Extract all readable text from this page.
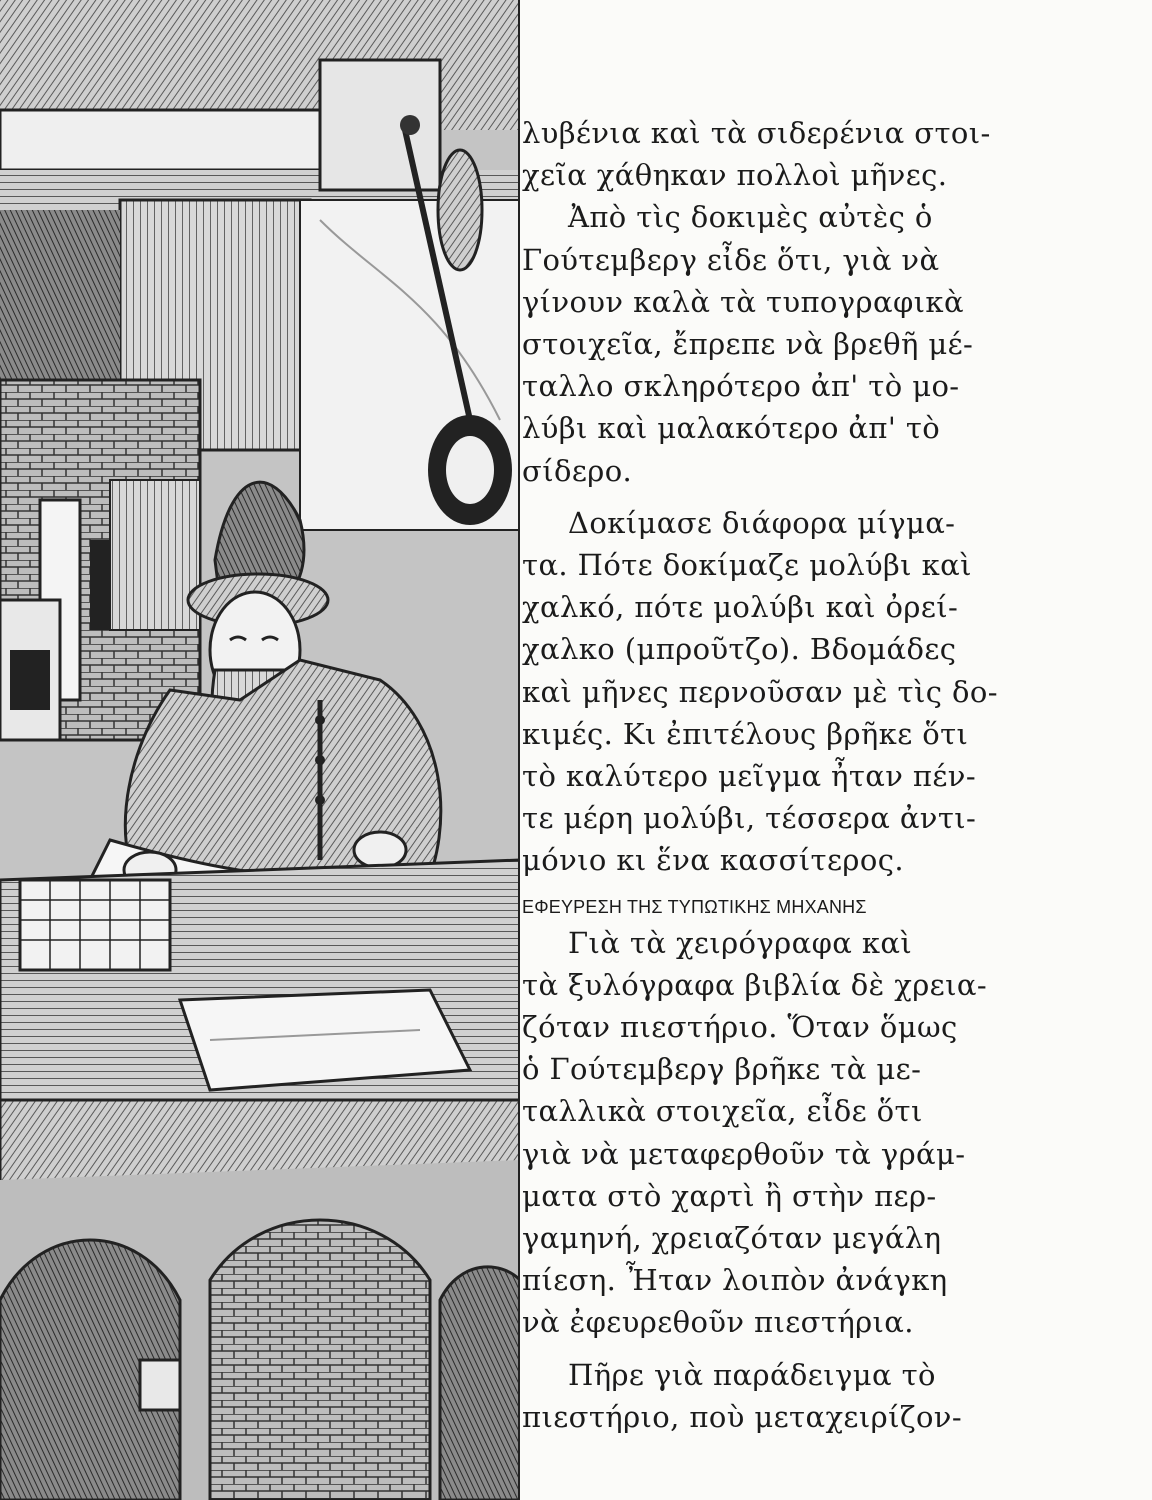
λυβένια καὶ τὰ σιδερένια στοι-
χεῖα χάθηκαν πολλοὶ μῆνες.
Ἀπὸ τὶς δοκιμὲς αὐτὲς ὁ
Γούτεμβεργ εἶδε ὅτι, γιὰ νὰ
γίνουν καλὰ τὰ τυπογραφικὰ
στοιχεῖα, ἔπρεπε νὰ βρεθῆ μέ-
ταλλο σκληρότερο ἀπ' τὸ μο-
λύβι καὶ μαλακότερο ἀπ' τὸ
σίδερο.
Δοκίμασε διάφορα μίγμα-
τα. Πότε δοκίμαζε μολύβι καὶ
χαλκό, πότε μολύβι καὶ ὀρεί-
χαλκο (μπροῦτζο). Βδομάδες
καὶ μῆνες περνοῦσαν μὲ τὶς δο-
κιμές. Κι ἐπιτέλους βρῆκε ὅτι
τὸ καλύτερο μεῖγμα ἦταν πέν-
τε μέρη μολύβι, τέσσερα ἀντι-
μόνιο κι ἕνα κασσίτερος.
ΕΦΕΥΡΕΣΗ ΤΗΣ ΤΥΠΩΤΙΚΗΣ ΜΗΧΑΝΗΣ
Γιὰ τὰ χειρόγραφα καὶ
τὰ ξυλόγραφα βιβλία δὲ χρεια-
ζόταν πιεστήριο. Ὅταν ὅμως
ὁ Γούτεμβεργ βρῆκε τὰ με-
ταλλικὰ στοιχεῖα, εἶδε ὅτι
γιὰ νὰ μεταφερθοῦν τὰ γράμ-
ματα στὸ χαρτὶ ἢ στὴν περ-
γαμηνή, χρειαζόταν μεγάλη
πίεση. Ἦταν λοιπὸν ἀνάγκη
νὰ ἐφευρεθοῦν πιεστήρια.
Πῆρε γιὰ παράδειγμα τὸ
πιεστήριο, ποὺ μεταχειρίζον-
